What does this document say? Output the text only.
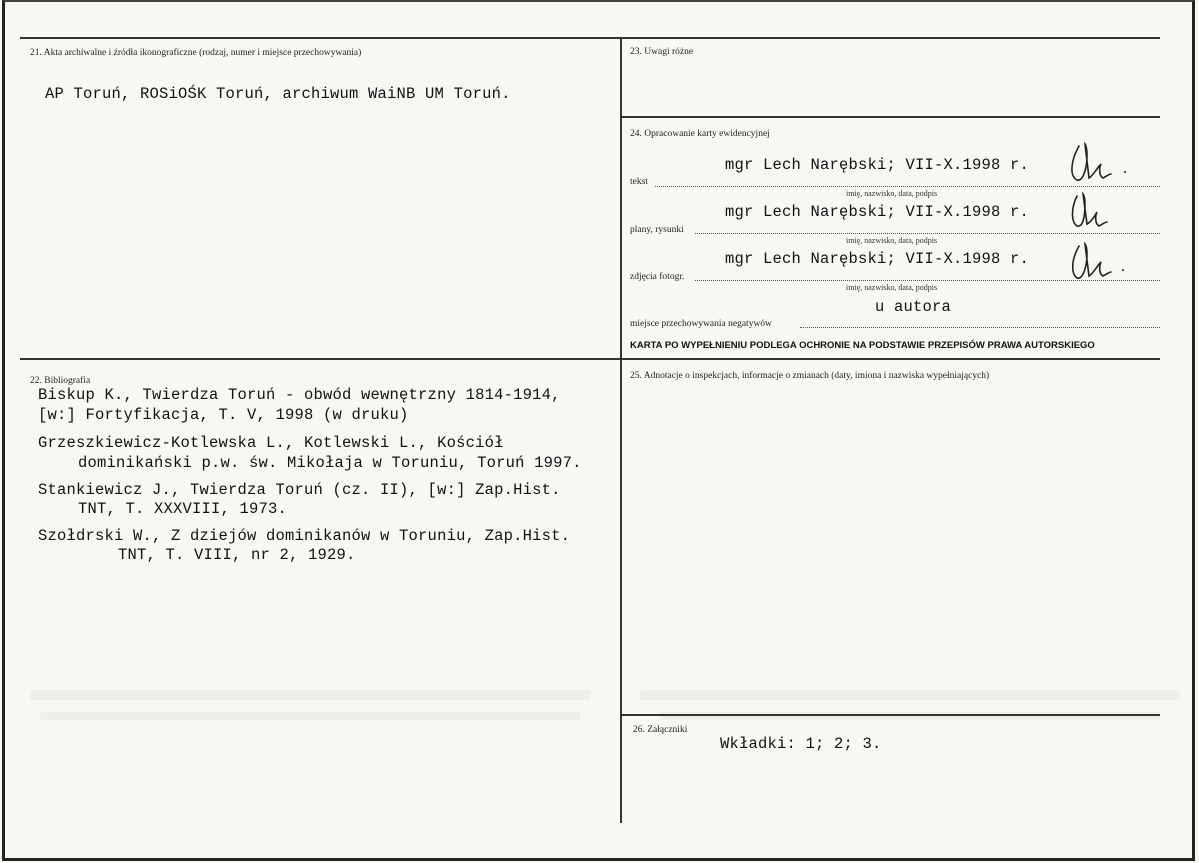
21. Akta archiwalne i źródła ikonograficzne (rodzaj, numer i miejsce przechowywania)
AP Toruń, ROSiOŚK Toruń, archiwum WaiNB UM Toruń.
23. Uwagi różne
24. Opracowanie karty ewidencyjnej
mgr Lech Narębski; VII-X.1998 r.
tekst
imię, nazwisko, data, podpis
mgr Lech Narębski; VII-X.1998 r.
plany, rysunki
imię, nazwisko, data, podpis
mgr Lech Narębski; VII-X.1998 r.
zdjęcia fotogr.
imię, nazwisko, data, podpis
u autora
miejsce przechowywania negatywów
KARTA PO WYPEŁNIENIU PODLEGA OCHRONIE NA PODSTAWIE PRZEPISÓW PRAWA AUTORSKIEGO
22. Bibliografia
Biskup K., Twierdza Toruń - obwód wewnętrzny 1814-1914,
[w:] Fortyfikacja, T. V, 1998 (w druku)
Grzeszkiewicz-Kotlewska L., Kotlewski L., Kościół
dominikański p.w. św. Mikołaja w Toruniu, Toruń 1997.
Stankiewicz J., Twierdza Toruń (cz. II), [w:] Zap.Hist.
TNT, T. XXXVIII, 1973.
Szołdrski W., Z dziejów dominikanów w Toruniu, Zap.Hist.
TNT, T. VIII, nr 2, 1929.
25. Adnotacje o inspekcjach, informacje o zmianach (daty, imiona i nazwiska wypełniających)
26. Załączniki
Wkładki: 1; 2; 3.
